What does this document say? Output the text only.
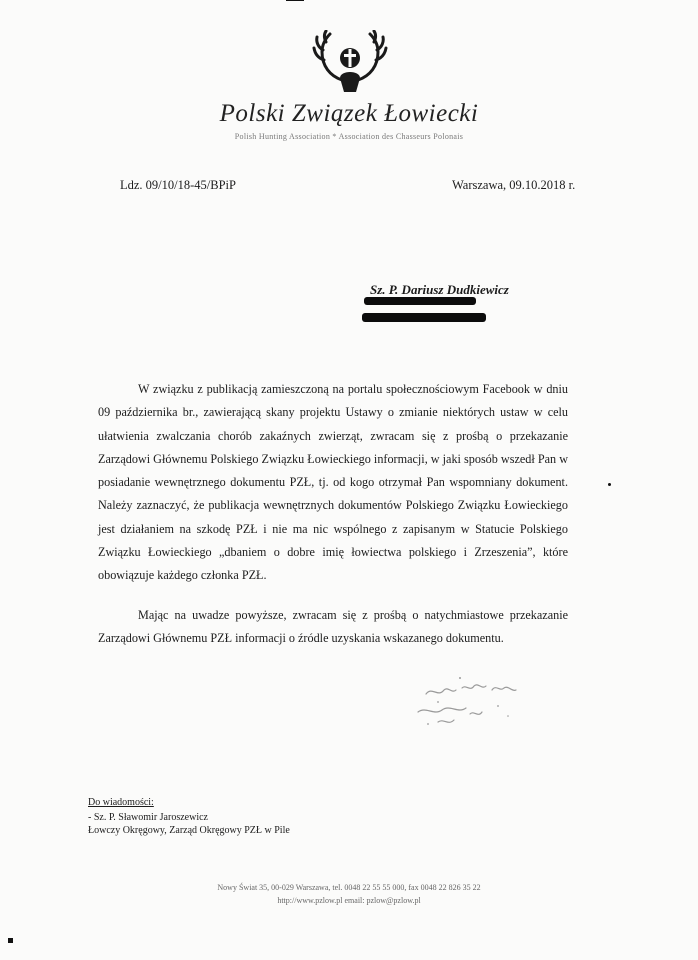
Polski Związek Łowiecki
Polish Hunting Association * Association des Chasseurs Polonais
Ldz. 09/10/18-45/BPiP	Warszawa, 09.10.2018 r.
Sz. P. Dariusz Dudkiewicz
W związku z publikacją zamieszczoną na portalu społecznościowym Facebook w dniu 09 października br., zawierającą skany projektu Ustawy o zmianie niektórych ustaw w celu ułatwienia zwalczania chorób zakaźnych zwierząt, zwracam się z prośbą o przekazanie Zarządowi Głównemu Polskiego Związku Łowieckiego informacji, w jaki sposób wszedł Pan w posiadanie wewnętrznego dokumentu PZŁ, tj. od kogo otrzymał Pan wspomniany dokument. Należy zaznaczyć, że publikacja wewnętrznych dokumentów Polskiego Związku Łowieckiego jest działaniem na szkodę PZŁ i nie ma nic wspólnego z zapisanym w Statucie Polskiego Związku Łowieckiego „dbaniem o dobre imię łowiectwa polskiego i Zrzeszenia”, które obowiązuje każdego członka PZŁ.
Mając na uwadze powyższe, zwracam się z prośbą o natychmiastowe przekazanie Zarządowi Głównemu PZŁ informacji o źródle uzyskania wskazanego dokumentu.
Do wiadomości:
- Sz. P. Sławomir Jaroszewicz
Łowczy Okręgowy, Zarząd Okręgowy PZŁ w Pile
Nowy Świat 35, 00-029 Warszawa, tel. 0048 22 55 55 000, fax 0048 22 826 35 22
http://www.pzlow.pl email: pzlow@pzlow.pl
